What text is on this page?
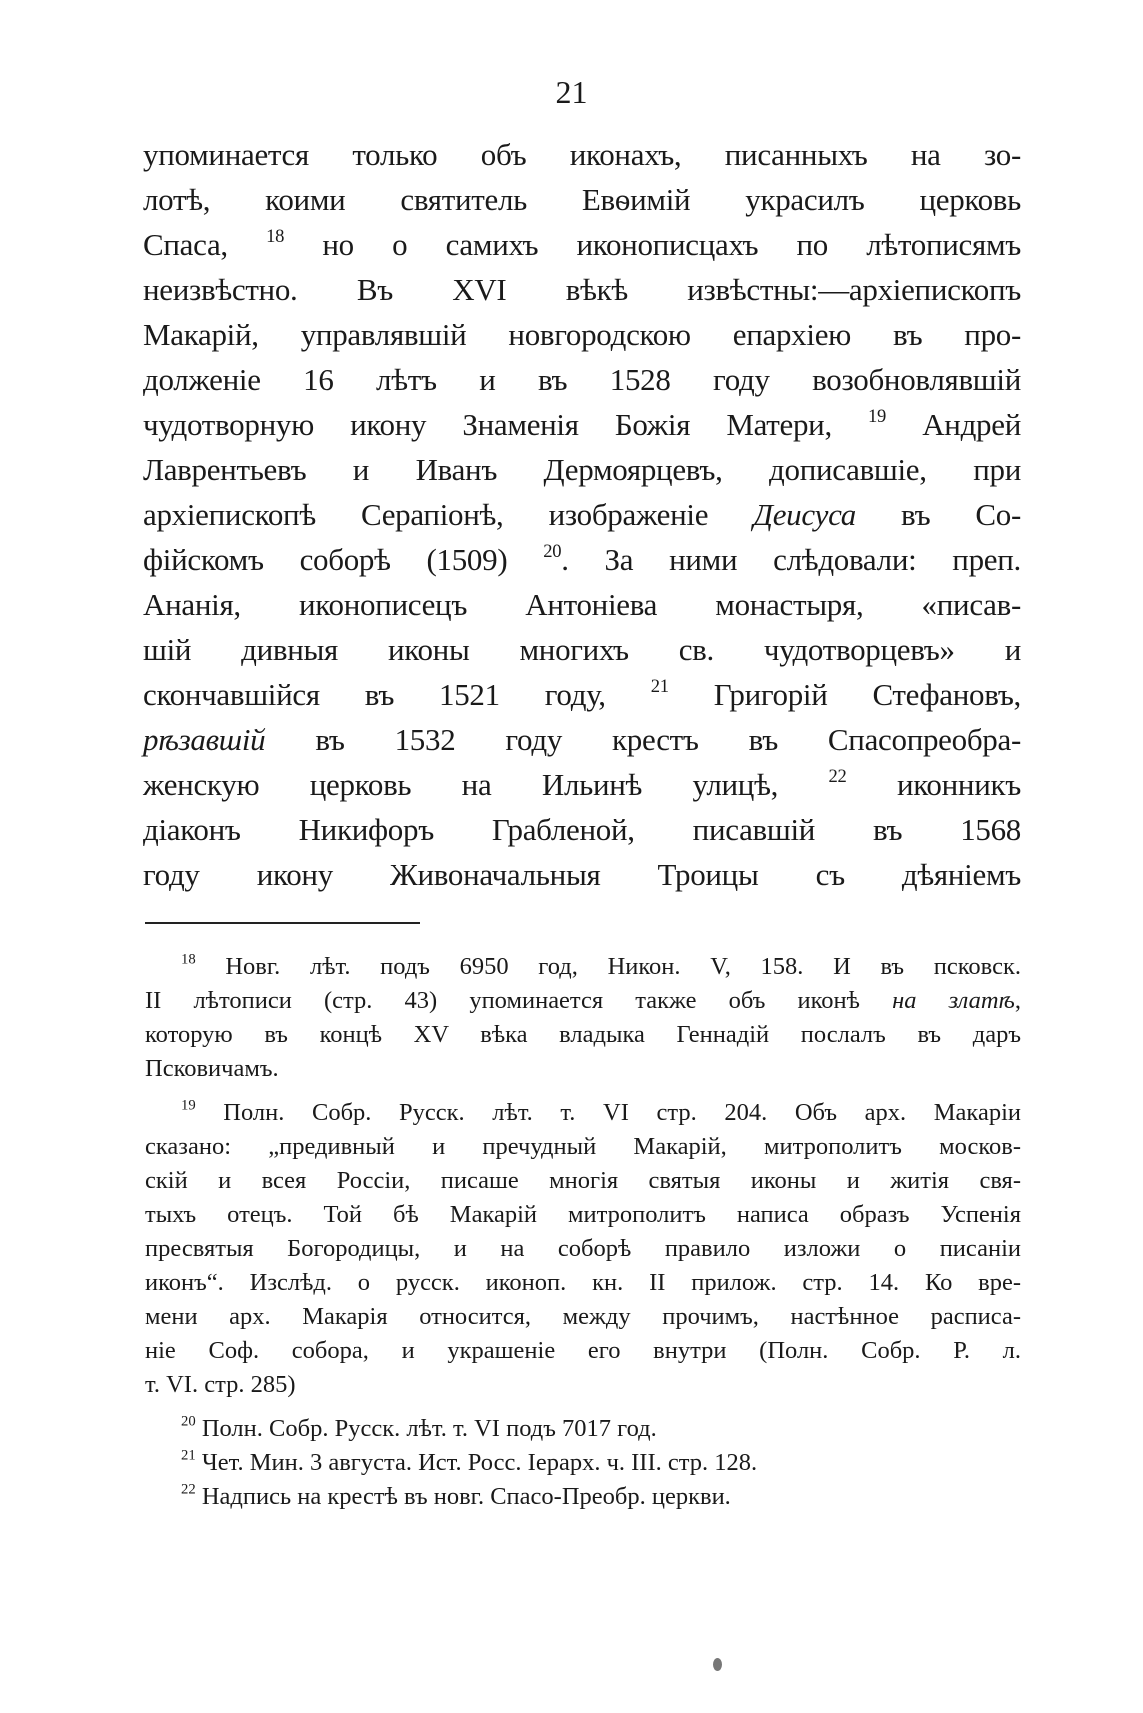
21
упоминается только объ иконахъ, писанныхъ на зо-
лотѣ, коими святитель Евѳимій украсилъ церковь
Спаса, $^{18}$ но о самихъ иконописцахъ по лѣтописямъ
неизвѣстно. Въ XVI вѣкѣ извѣстны:—архіепископъ
Макарій, управлявшій новгородскою епархіею въ про-
долженіе 16 лѣтъ и въ 1528 году возобновлявшій
чудотворную икону Знаменія Божія Матери, $^{19}$ Андрей
Лаврентьевъ и Иванъ Дермоярцевъ, дописавшіе, при
архіепископѣ Серапіонѣ, изображеніе Деисуса въ Со-
фійскомъ соборѣ (1509) $^{20}$. За ними слѣдовали: преп.
Ананія, иконописецъ Антоніева монастыря, «писав-
шій дивныя иконы многихъ св. чудотворцевъ» и
скончавшійся въ 1521 году, $^{21}$ Григорій Стефановъ,
рѣзавшій въ 1532 году крестъ въ Спасопреобра-
женскую церковь на Ильинѣ улицѣ, $^{22}$ иконникъ
діаконъ Никифоръ Грабленой, писавшій въ 1568
году икону Живоначальныя Троицы съ дѣяніемъ
$^{18}$ Новг. лѣт. подъ 6950 год, Никон. V, 158. И въ псковск.
II лѣтописи (стр. 43) упоминается также объ иконѣ на златѣ,
которую въ концѣ XV вѣка владыка Геннадій послалъ въ даръ
Псковичамъ.
$^{19}$ Полн. Собр. Русск. лѣт. т. VI стр. 204. Объ арх. Макаріи
сказано: „предивный и пречудный Макарій, митрополитъ москов-
скій и всея Россіи, писаше многія святыя иконы и житія свя-
тыхъ отецъ. Той бѣ Макарій митрополитъ написа образъ Успенія
пресвятыя Богородицы, и на соборѣ правило изложи о писаніи
иконъ“. Изслѣд. о русск. иконоп. кн. II прилож. стр. 14. Ко вре-
мени арх. Макарія относится, между прочимъ, настѣнное расписа-
ніе Соф. собора, и украшеніе его внутри (Полн. Собр. Р. л.
т. VI. стр. 285)
$^{20}$ Полн. Собр. Русск. лѣт. т. VI подъ 7017 год.
$^{21}$ Чет. Мин. 3 августа. Ист. Росс. Іерарх. ч. III. стр. 128.
$^{22}$ Надпись на крестѣ въ новг. Спасо-Преобр. церкви.
